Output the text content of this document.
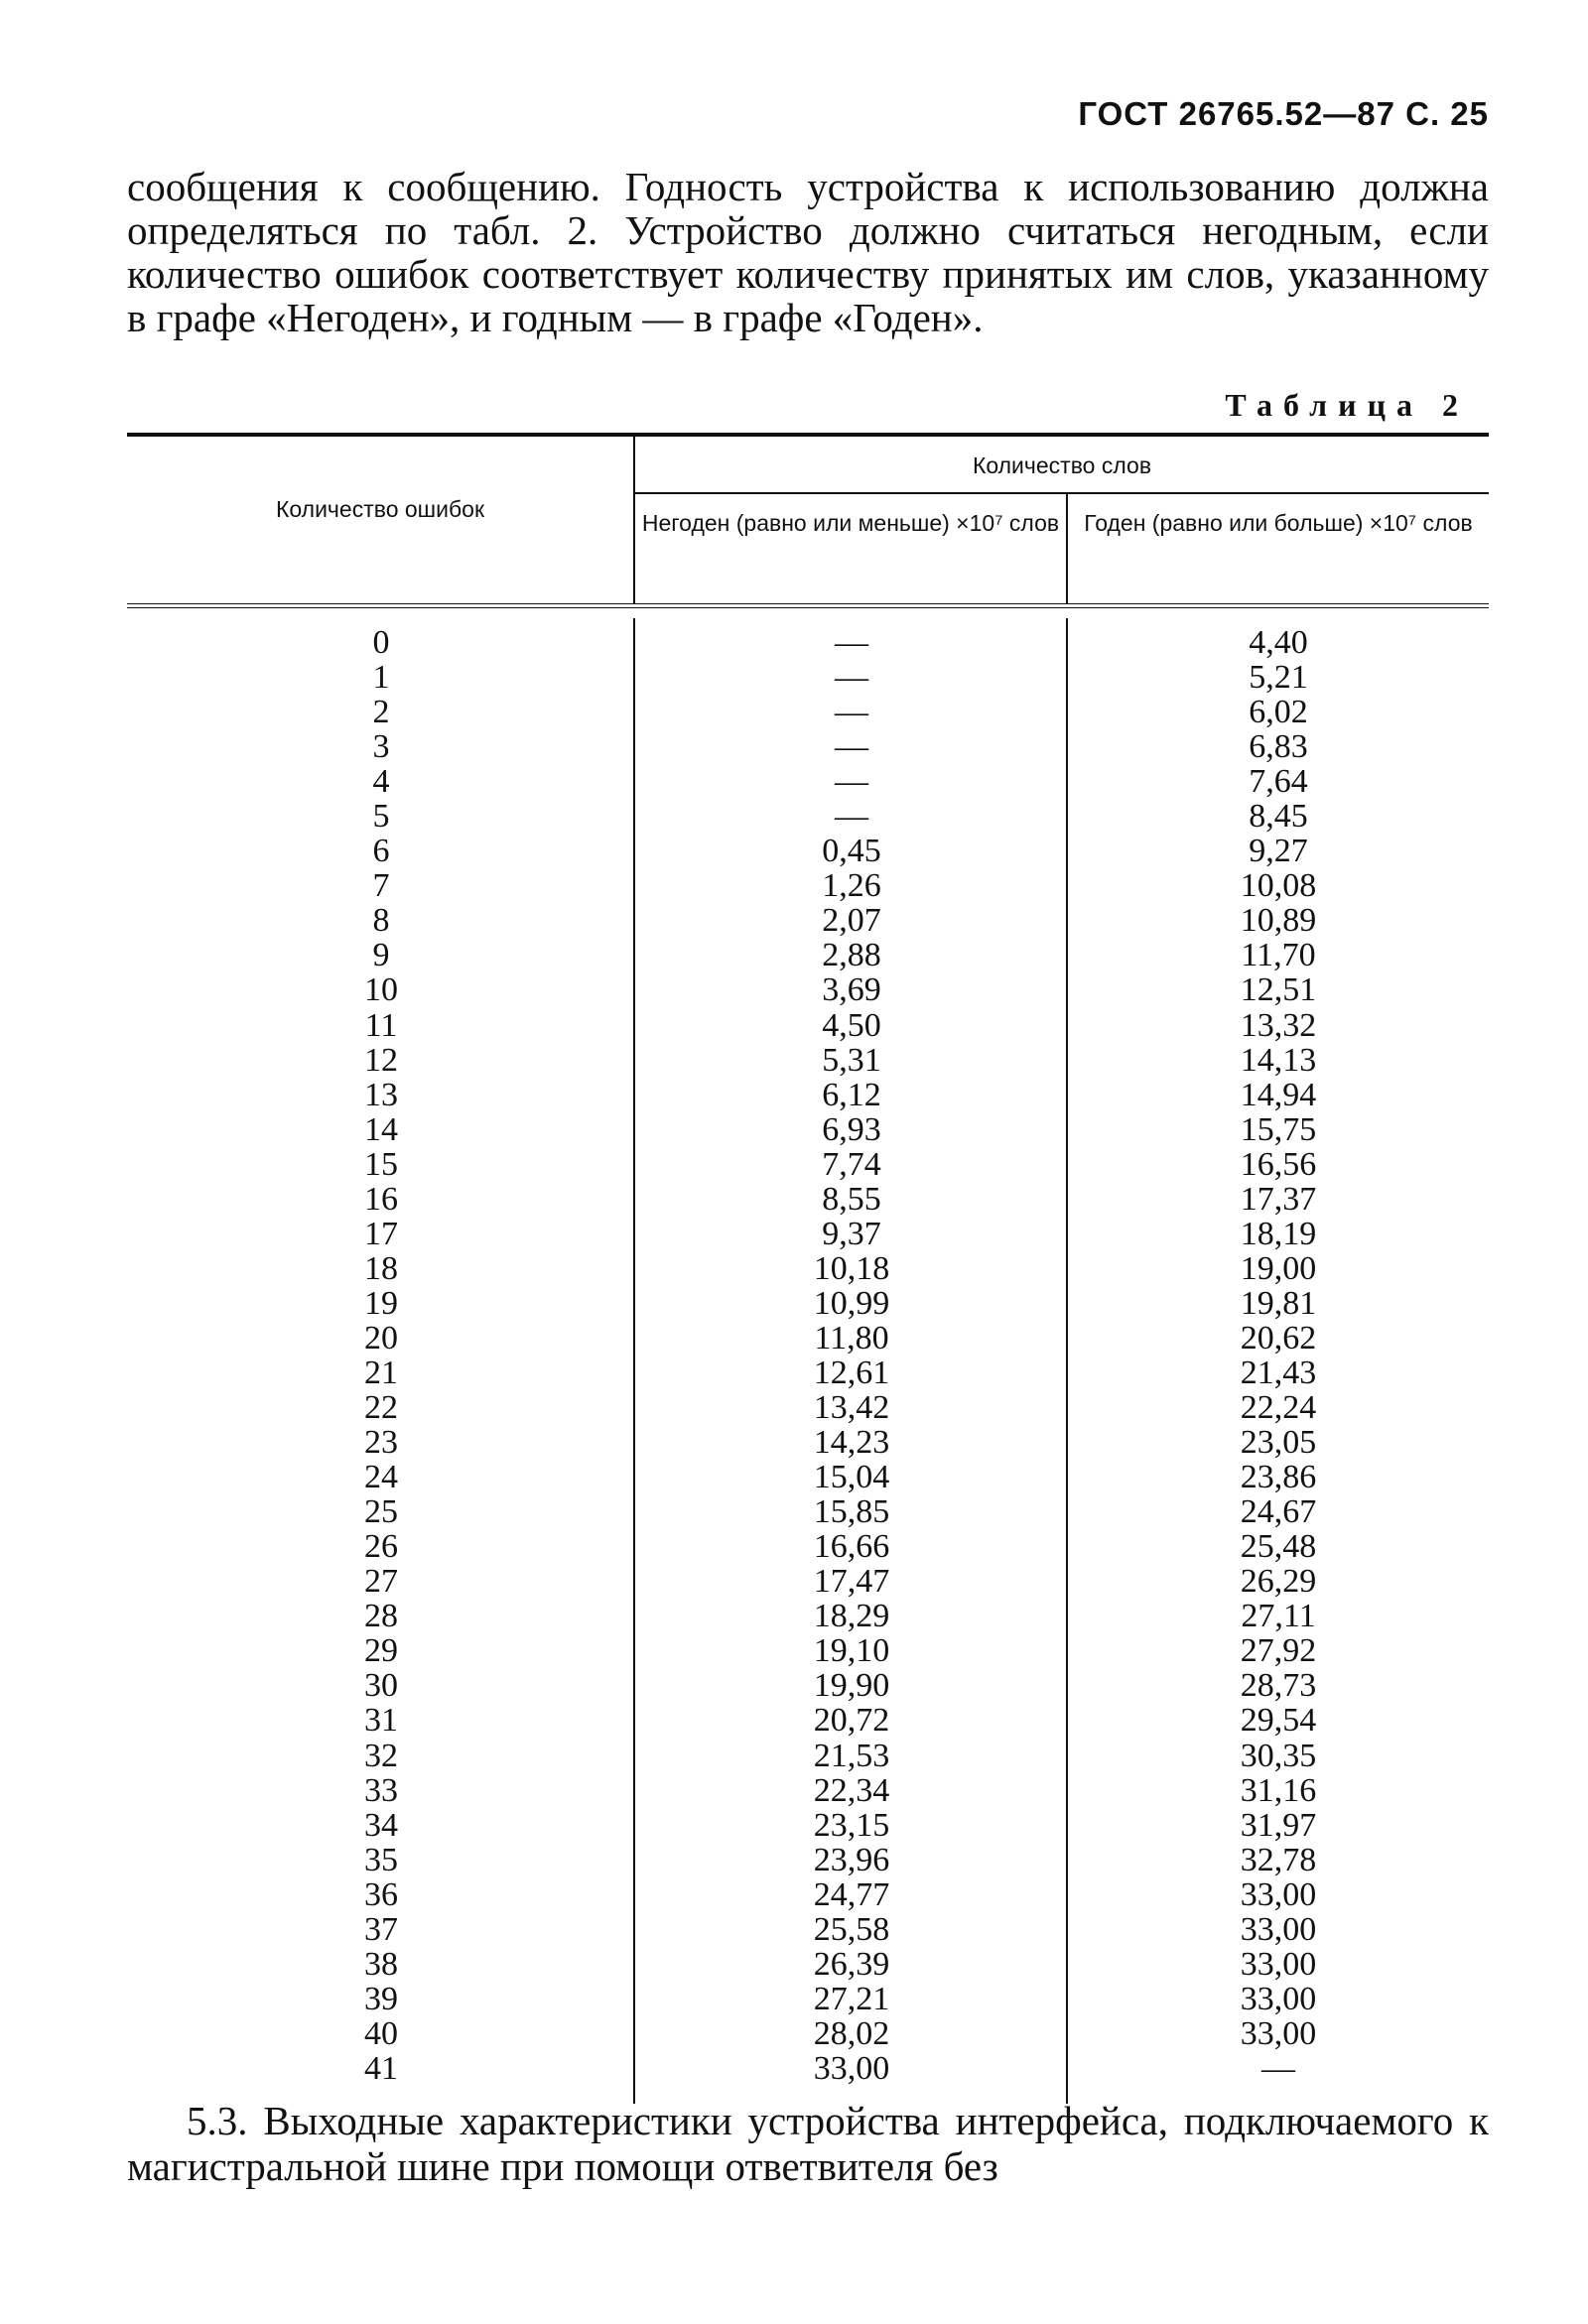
ГОСТ 26765.52—87 С. 25
сообщения к сообщению. Годность устройства к использованию должна определяться по табл. 2. Устройство должно считаться негодным, если количество ошибок соответствует количеству принятых им слов, указанному в графе «Негоден», и годным — в графе «Годен».
Таблица 2
Количество ошибок
Количество слов
Негоден (равно или меньше) ×10⁷ слов	Годен (равно или больше) ×10⁷ слов
0	—	4,40
1	—	5,21
2	—	6,02
3	—	6,83
4	—	7,64
5	—	8,45
6	0,45	9,27
7	1,26	10,08
8	2,07	10,89
9	2,88	11,70
10	3,69	12,51
11	4,50	13,32
12	5,31	14,13
13	6,12	14,94
14	6,93	15,75
15	7,74	16,56
16	8,55	17,37
17	9,37	18,19
18	10,18	19,00
19	10,99	19,81
20	11,80	20,62
21	12,61	21,43
22	13,42	22,24
23	14,23	23,05
24	15,04	23,86
25	15,85	24,67
26	16,66	25,48
27	17,47	26,29
28	18,29	27,11
29	19,10	27,92
30	19,90	28,73
31	20,72	29,54
32	21,53	30,35
33	22,34	31,16
34	23,15	31,97
35	23,96	32,78
36	24,77	33,00
37	25,58	33,00
38	26,39	33,00
39	27,21	33,00
40	28,02	33,00
41	33,00	—
5.3. Выходные характеристики устройства интерфейса, подключаемого к магистральной шине при помощи ответвителя без
